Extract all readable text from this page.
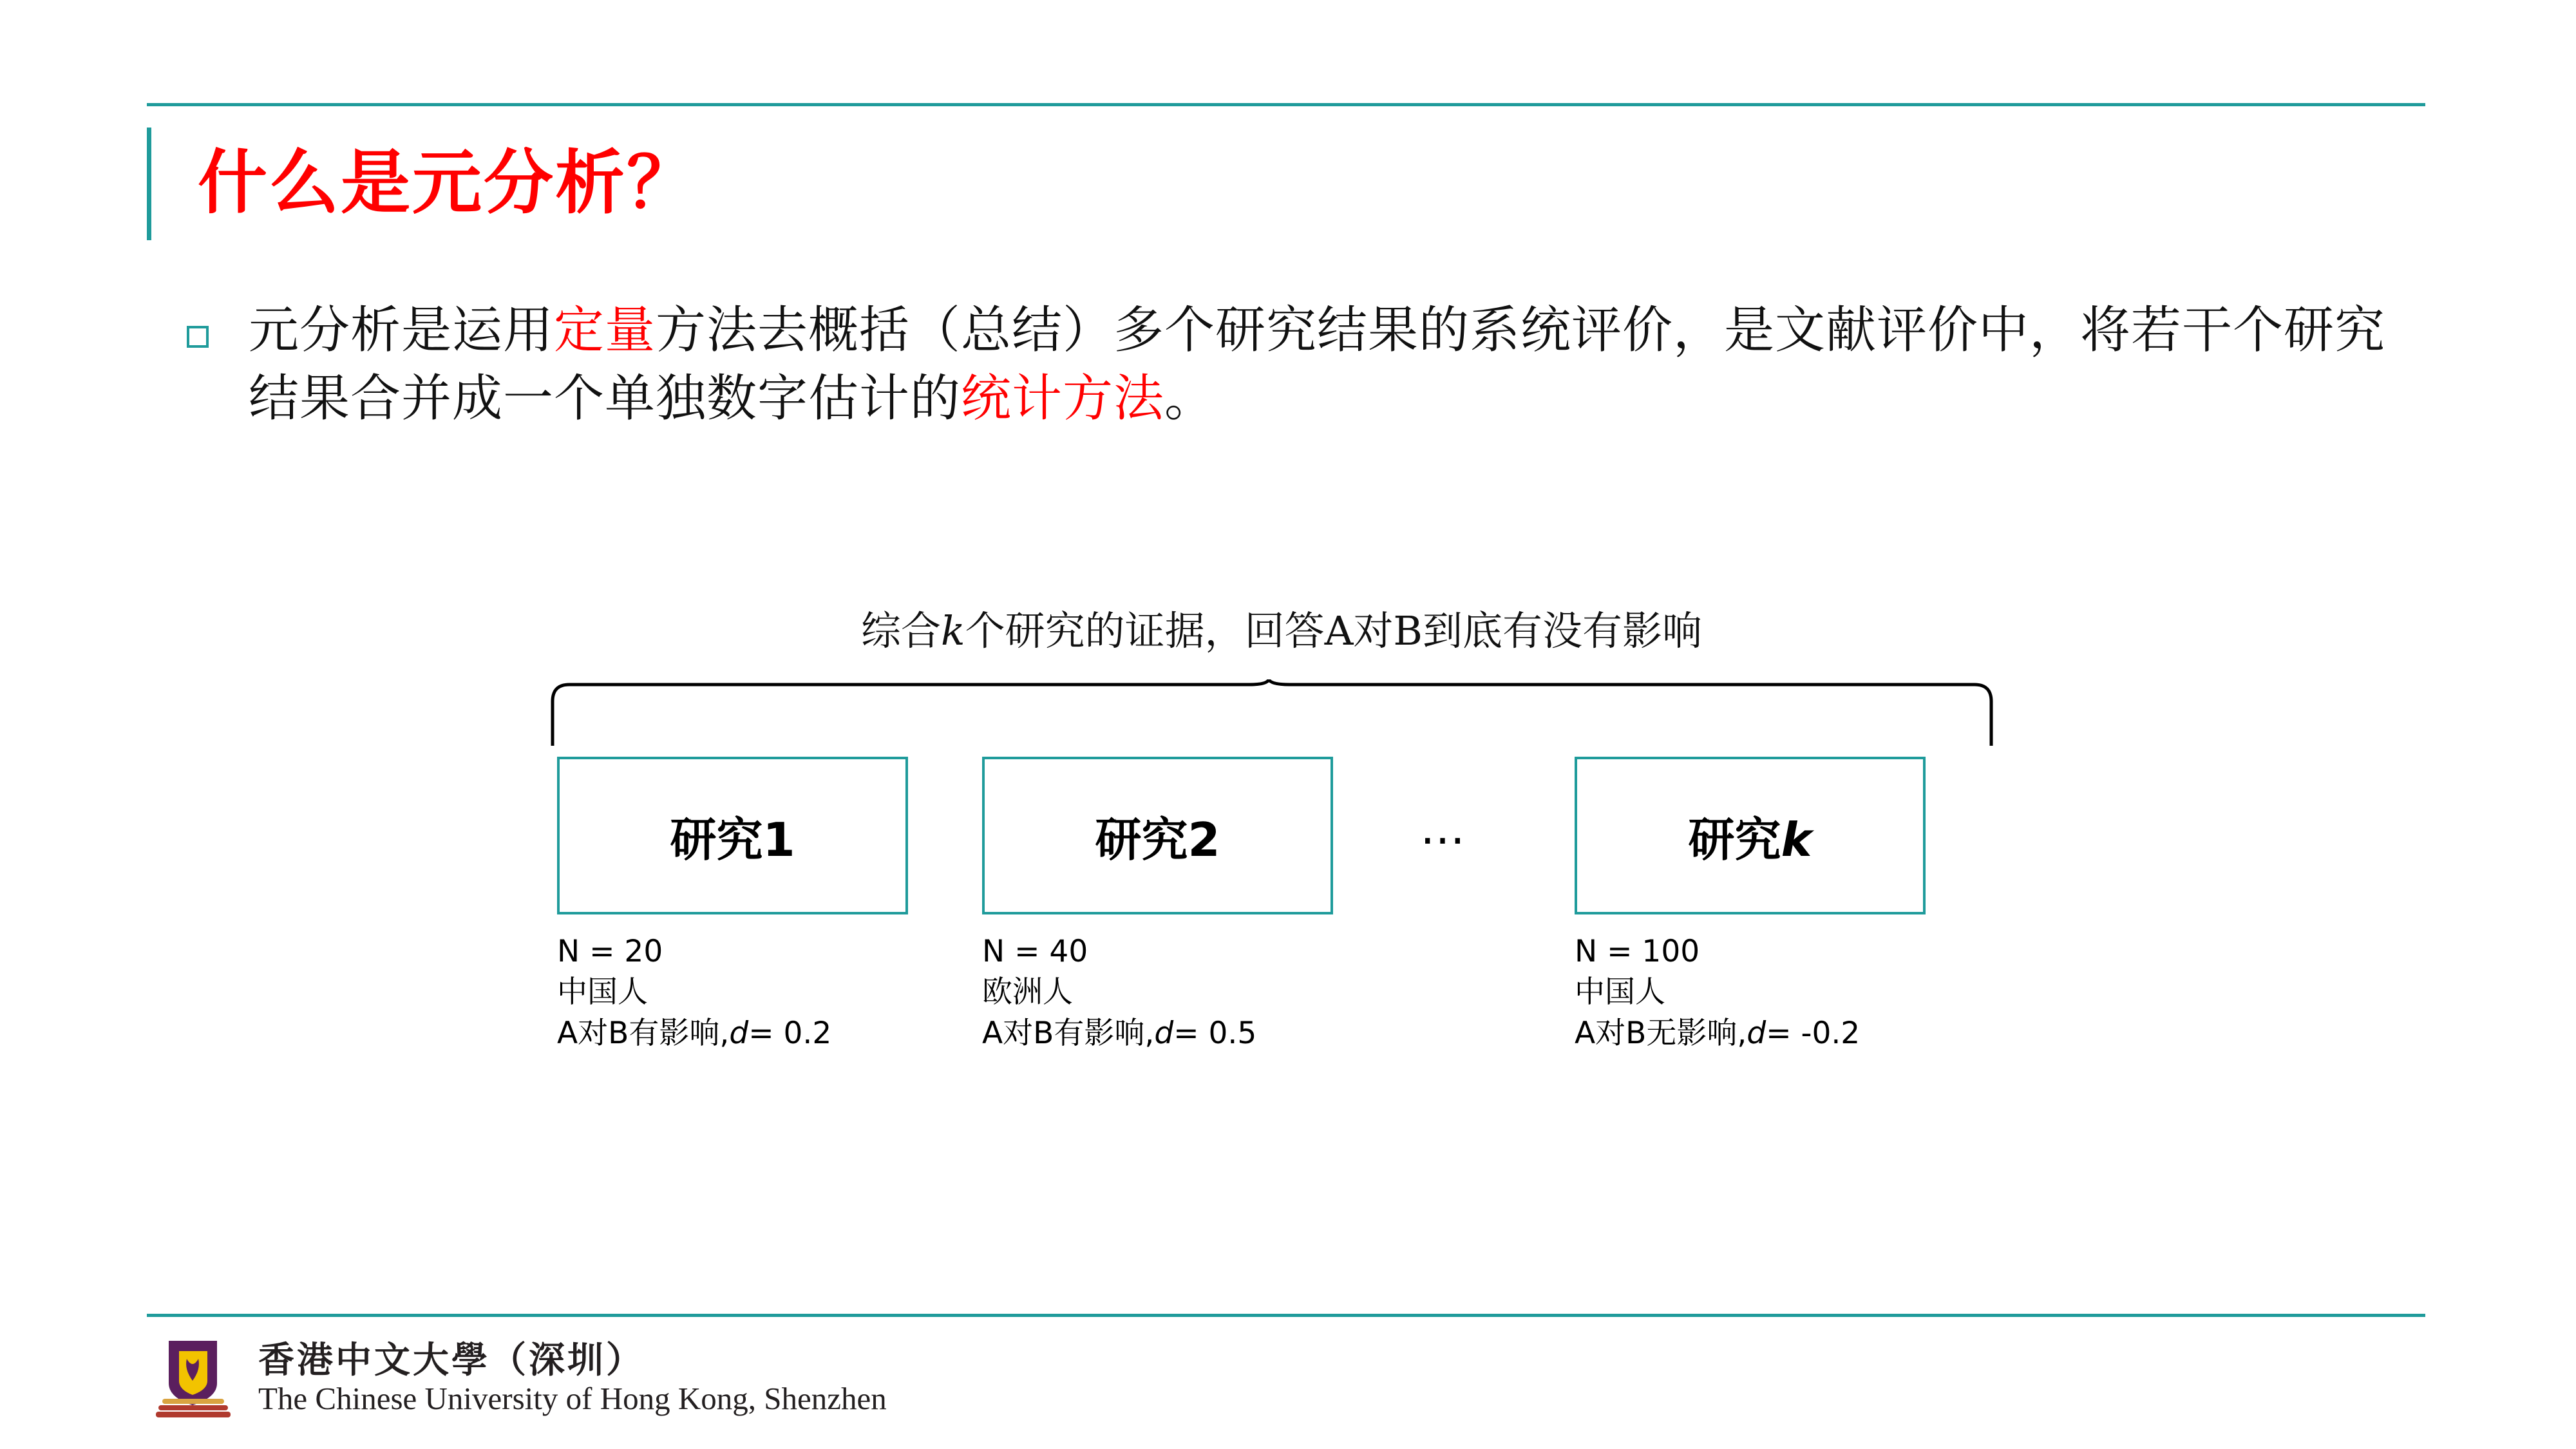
什么是元分析？
元分析是运用定量方法去概括（总结）多个研究结果的系统评价，是文献评价中，将若干个研究结果合并成一个单独数字估计的统计方法。
综合k个研究的证据，回答A对B到底有没有影响
研究1
N = 20
中国人
A对B有影响,d= 0.2
研究2
N = 40
欧洲人
A对B有影响,d= 0.5
…	研究k
N = 100
中国人
A对B无影响,d= -0.2
香港中文大學（深圳）
The Chinese University of Hong Kong, Shenzhen
